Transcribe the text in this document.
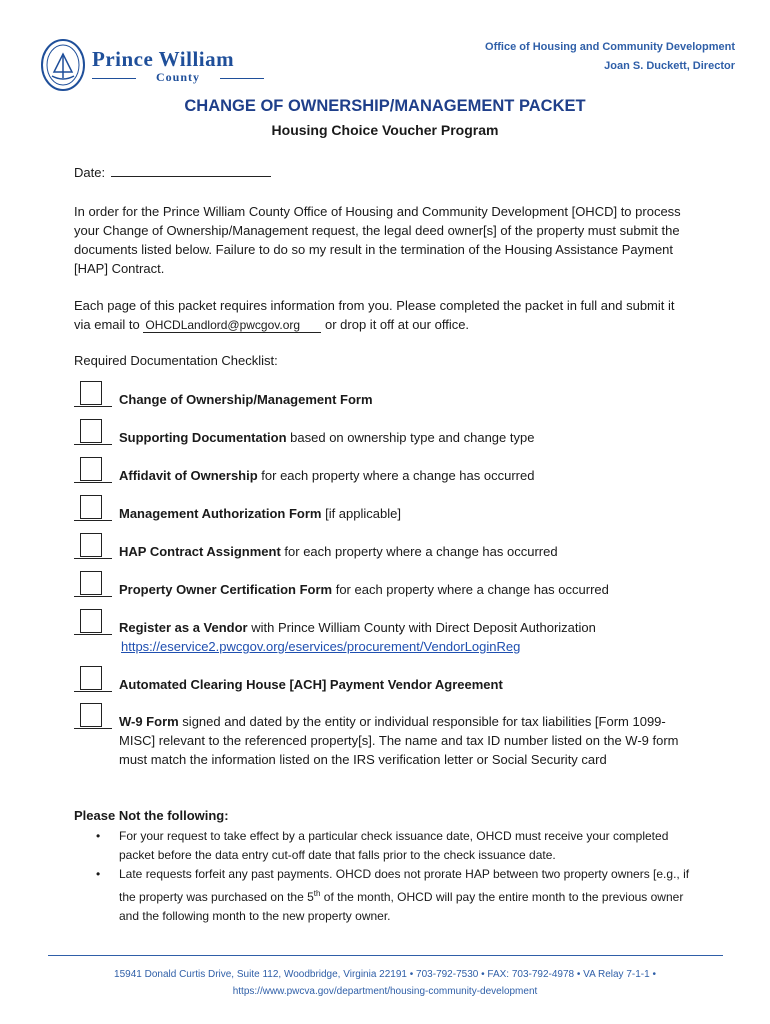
Prince William
County
Office of Housing and Community Development
Joan S. Duckett, Director
CHANGE OF OWNERSHIP/MANAGEMENT PACKET
Housing Choice Voucher Program
Date:
In order for the Prince William County Office of Housing and Community Development [OHCD] to process your Change of Ownership/Management request, the legal deed owner[s] of the property must submit the documents listed below. Failure to do so my result in the termination of the Housing Assistance Payment [HAP] Contract.
Each page of this packet requires information from you. Please completed the packet in full and submit it via email to OHCDLandlord@pwcgov.org or drop it off at our office.
Required Documentation Checklist:
Change of Ownership/Management Form
Supporting Documentation based on ownership type and change type
Affidavit of Ownership for each property where a change has occurred
Management Authorization Form [if applicable]
HAP Contract Assignment for each property where a change has occurred
Property Owner Certification Form for each property where a change has occurred
Register as a Vendor with Prince William County with Direct Deposit Authorization
https://eservice2.pwcgov.org/eservices/procurement/VendorLoginReg
Automated Clearing House [ACH] Payment Vendor Agreement
W-9 Form signed and dated by the entity or individual responsible for tax liabilities [Form 1099-MISC] relevant to the referenced property[s]. The name and tax ID number listed on the W-9 form must match the information listed on the IRS verification letter or Social Security card
Please Not the following:
• For your request to take effect by a particular check issuance date, OHCD must receive your completed packet before the data entry cut-off date that falls prior to the check issuance date.
• Late requests forfeit any past payments. OHCD does not prorate HAP between two property owners [e.g., if the property was purchased on the 5th of the month, OHCD will pay the entire month to the previous owner and the following month to the new property owner.
15941 Donald Curtis Drive, Suite 112, Woodbridge, Virginia 22191 • 703-792-7530 • FAX: 703-792-4978 • VA Relay 7-1-1 •
https://www.pwcva.gov/department/housing-community-development
